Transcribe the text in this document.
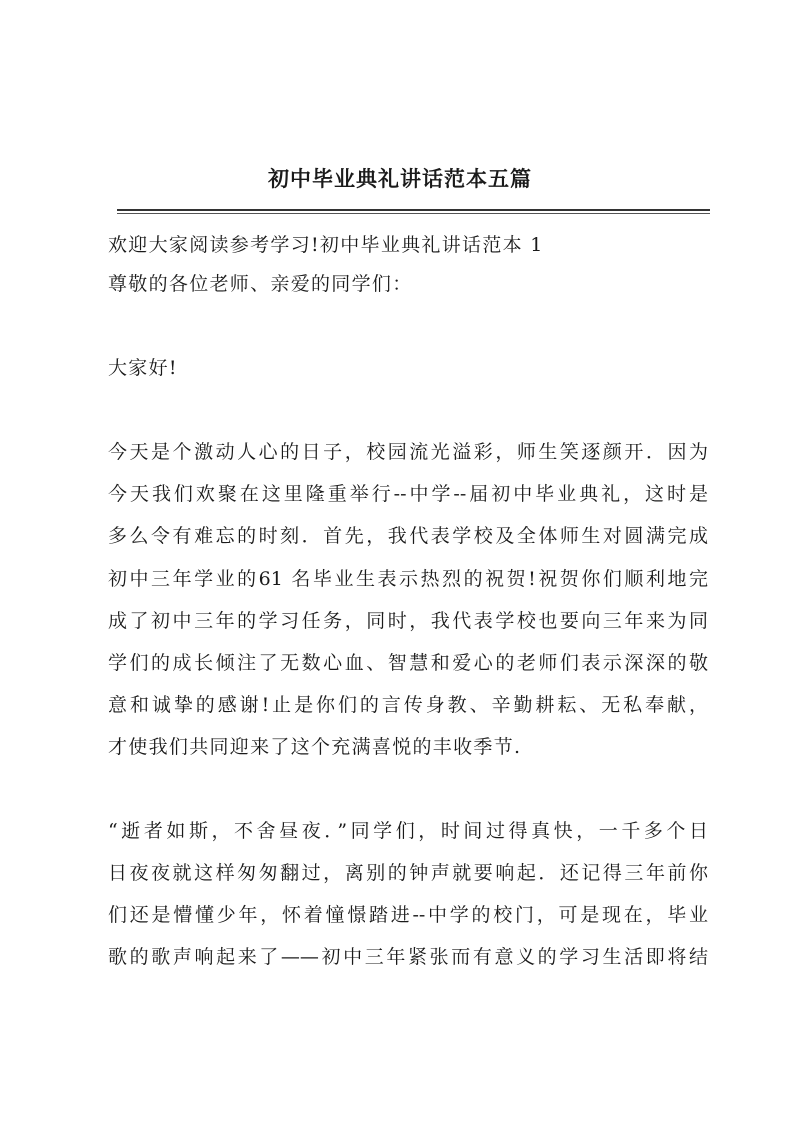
初中毕业典礼讲话范本五篇

欢迎大家阅读参考学习!初中毕业典礼讲话范本 1

尊敬的各位老师、亲爱的同学们：

大家好!

今天是个激动人心的日子，校园流光溢彩，师生笑逐颜开．因为

今天我们欢聚在这里隆重举行--中学--届初中毕业典礼，这时是

多么令有难忘的时刻．首先，我代表学校及全体师生对圆满完成

初中三年学业的61 名毕业生表示热烈的祝贺!祝贺你们顺利地完

成了初中三年的学习任务，同时，我代表学校也要向三年来为同

学们的成长倾注了无数心血、智慧和爱心的老师们表示深深的敬

意和诚挚的感谢!止是你们的言传身教、辛勤耕耘、无私奉献，

才使我们共同迎来了这个充满喜悦的丰收季节.

“逝者如斯，不舍昼夜．”同学们，时间过得真快，一千多个日

日夜夜就这样匆匆翻过，离别的钟声就要响起．还记得三年前你

们还是懵懂少年，怀着憧憬踏进--中学的校门，可是现在，毕业

歌的歌声响起来了——初中三年紧张而有意义的学习生活即将结
